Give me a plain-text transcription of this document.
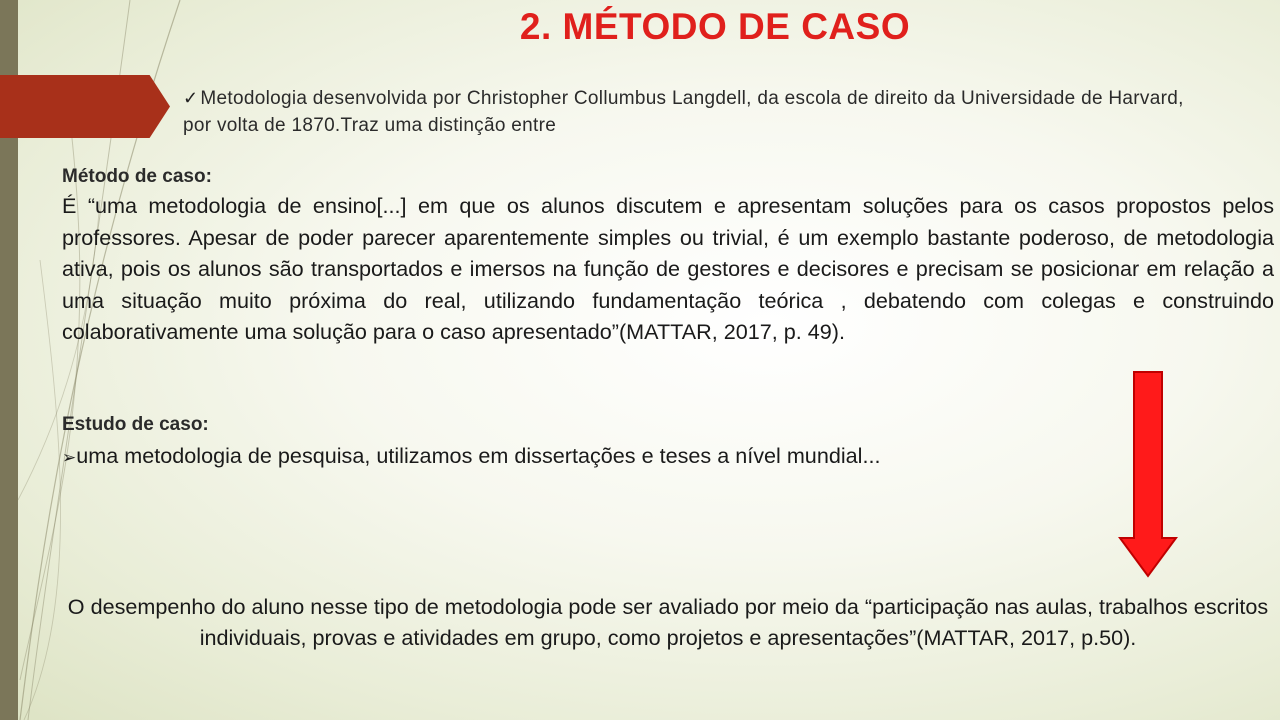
2. MÉTODO DE CASO
✓ Metodologia desenvolvida por Christopher Collumbus Langdell, da escola de direito da Universidade de Harvard, por volta de 1870.Traz uma distinção entre
Método de caso:
É “uma metodologia de ensino[...] em que os alunos discutem e apresentam soluções para os casos propostos pelos professores. Apesar de poder parecer aparentemente simples ou trivial, é um exemplo bastante poderoso, de metodologia ativa, pois os alunos são transportados e imersos na função de gestores e decisores e precisam se posicionar em relação a uma situação muito próxima do real, utilizando fundamentação teórica , debatendo com colegas e construindo colaborativamente uma solução para o caso apresentado”(MATTAR, 2017, p. 49).
Estudo de caso:
➢uma metodologia de pesquisa, utilizamos em dissertações e teses a nível mundial...
O desempenho do aluno nesse tipo de metodologia pode ser avaliado por meio da “participação nas aulas, trabalhos escritos individuais, provas e atividades em grupo, como projetos e apresentações”(MATTAR, 2017, p.50).
